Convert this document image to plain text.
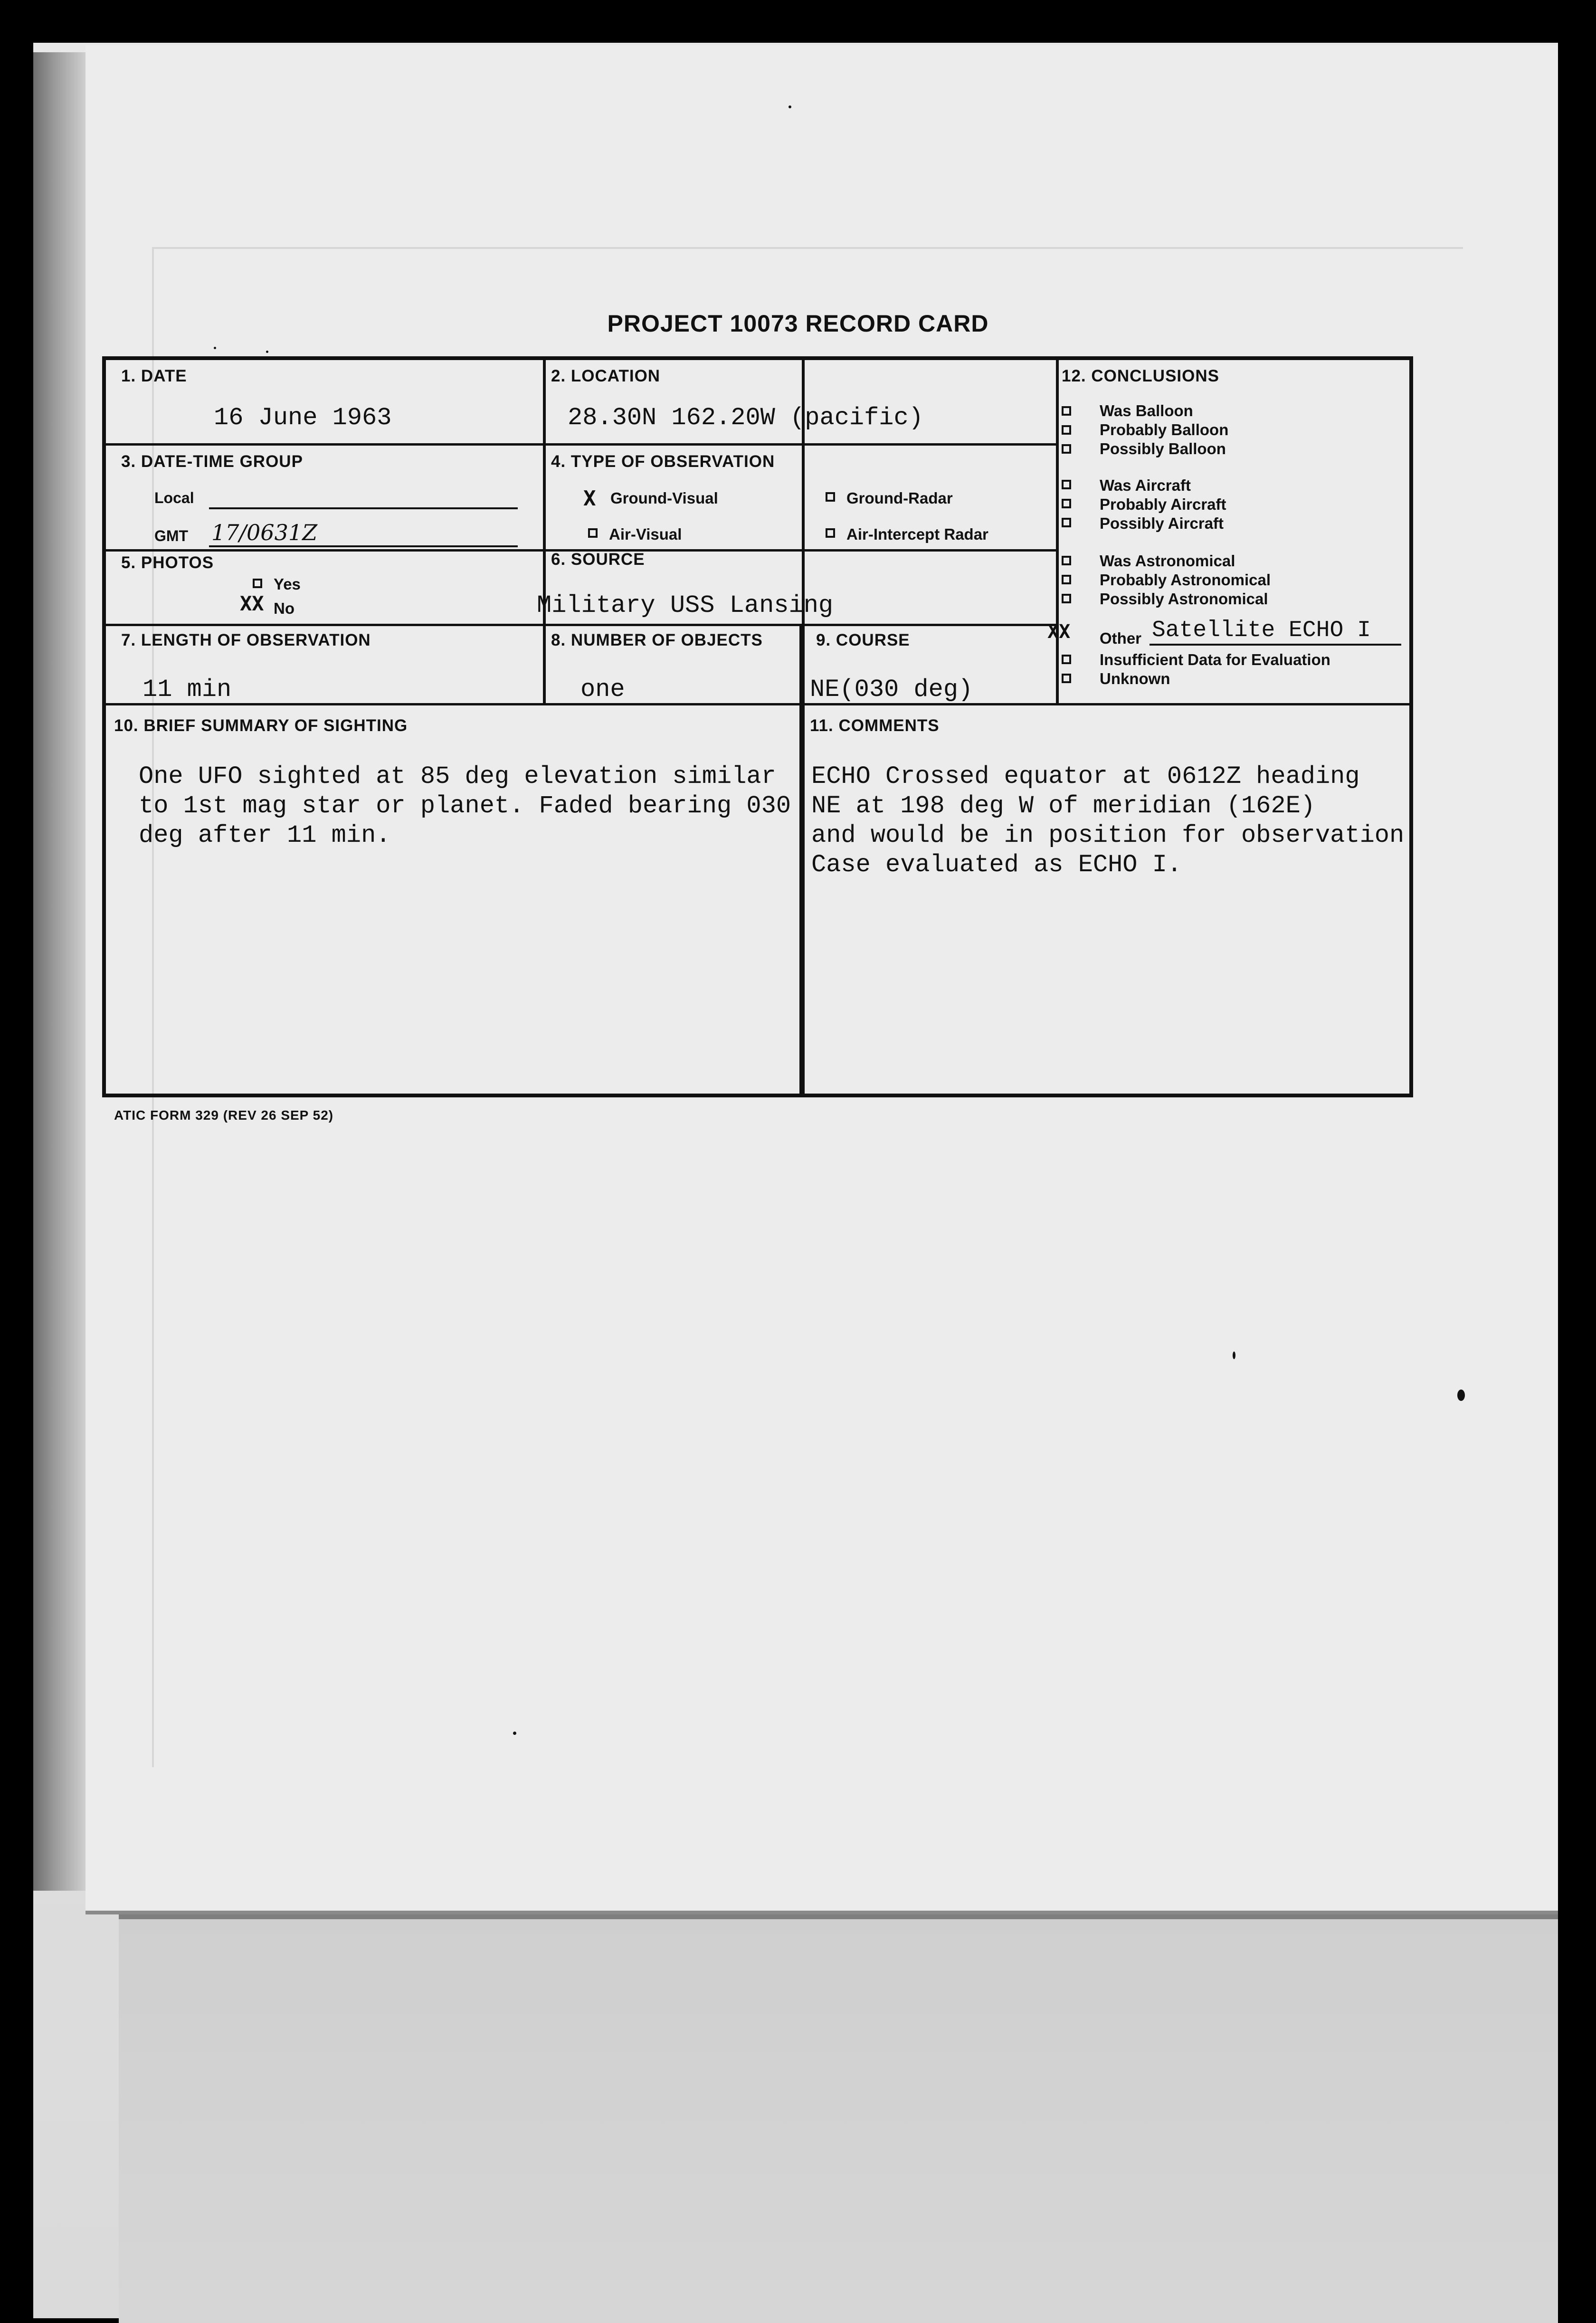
PROJECT 10073 RECORD CARD
1. DATE
16 June 1963
2. LOCATION
28.30N 162.20W (pacific)
3. DATE-TIME GROUP
Local
GMT 17/0631Z
4. TYPE OF OBSERVATION
X Ground-Visual	Ground-Radar
Air-Visual	Air-Intercept Radar
5. PHOTOS
Yes
XX No
6. SOURCE
Military USS Lansing
7. LENGTH OF OBSERVATION
11 min
8. NUMBER OF OBJECTS
one
9. COURSE
NE(030 deg)
10. BRIEF SUMMARY OF SIGHTING
One UFO sighted at 85 deg elevation similar
to 1st mag star or planet. Faded bearing 030
deg after 11 min.
11. COMMENTS
ECHO Crossed equator at 0612Z heading
NE at 198 deg W of meridian (162E)
and would be in position for observation.
Case evaluated as ECHO I.
12. CONCLUSIONS
Was Balloon
Probably Balloon
Possibly Balloon
Was Aircraft
Probably Aircraft
Possibly Aircraft
Was Astronomical
Probably Astronomical
Possibly Astronomical
XX Other Satellite ECHO I
Insufficient Data for Evaluation
Unknown
ATIC FORM 329 (REV 26 SEP 52)
